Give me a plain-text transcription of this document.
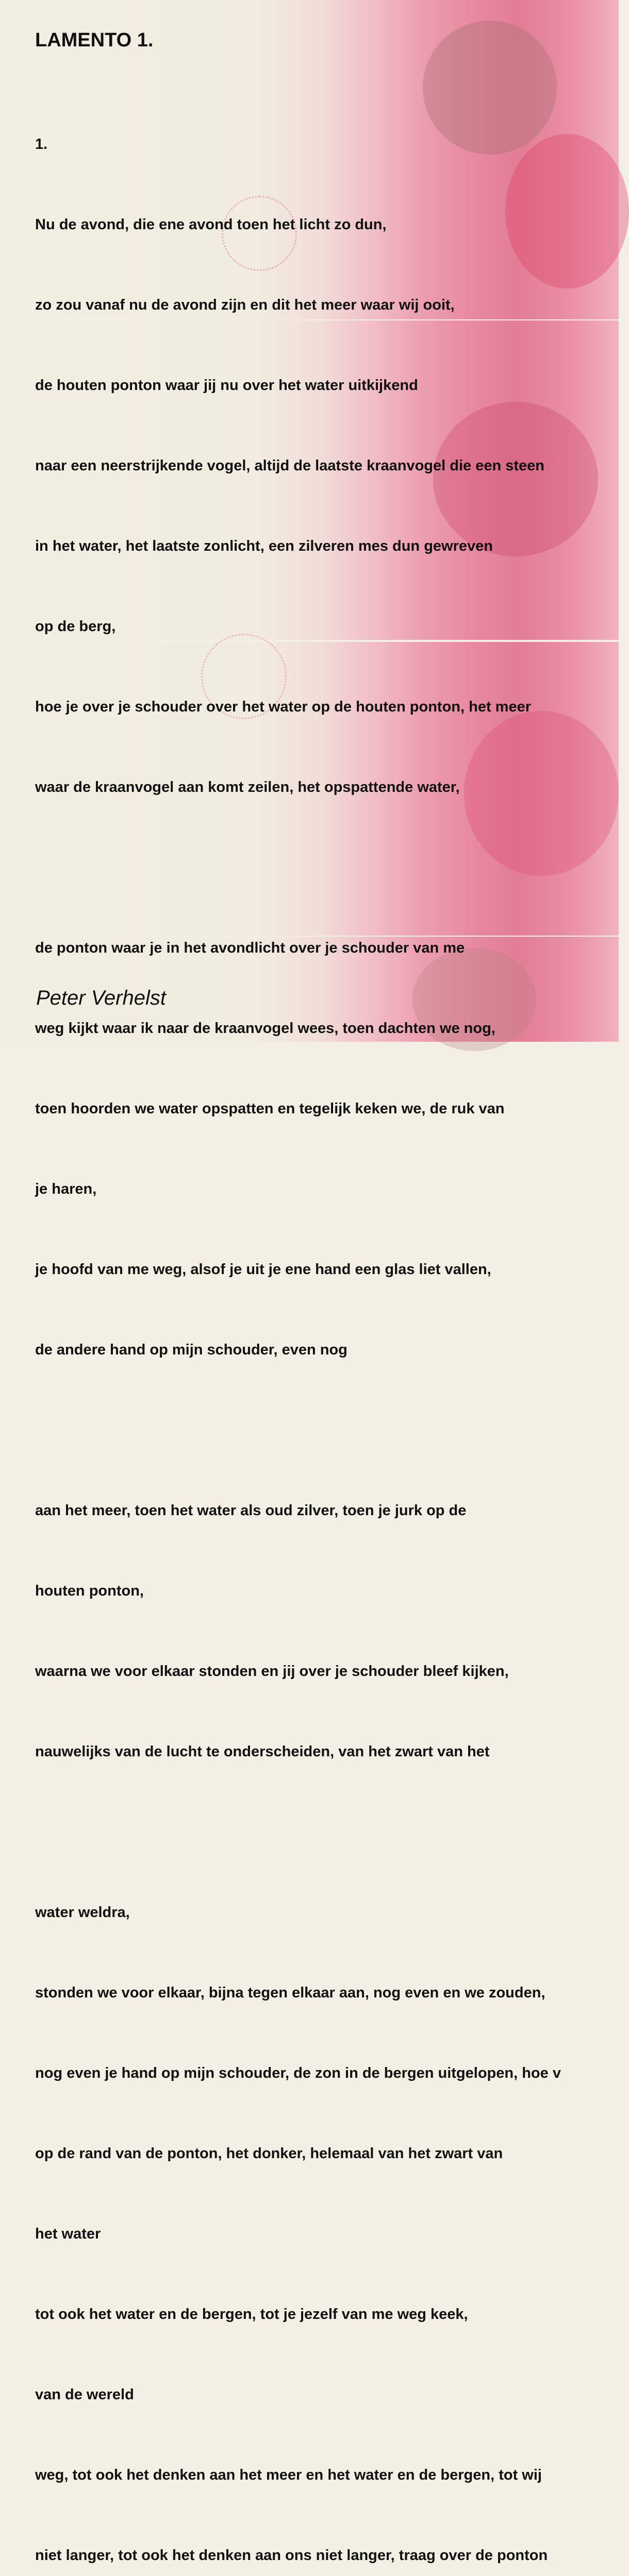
LAMENTO 1.

1.

Nu de avond, die ene avond toen het licht zo dun,

zo zou vanaf nu de avond zijn en dit het meer waar wij ooit,

de houten ponton waar jij nu over het water uitkijkend

naar een neerstrijkende vogel, altijd de laatste kraanvogel die een steen

in het water, het laatste zonlicht, een zilveren mes dun gewreven

op de berg,

hoe je over je schouder over het water op de houten ponton, het meer

waar de kraanvogel aan komt zeilen, het opspattende water,

de ponton waar je in het avondlicht over je schouder van me

weg kijkt waar ik naar de kraanvogel wees, toen dachten we nog,

toen hoorden we water opspatten en tegelijk keken we, de ruk van

je haren,

je hoofd van me weg, alsof je uit je ene hand een glas liet vallen,

de andere hand op mijn schouder, even nog

aan het meer, toen het water als oud zilver, toen je jurk op de

houten ponton,

waarna we voor elkaar stonden en jij over je schouder bleef kijken,

nauwelijks van de lucht te onderscheiden, van het zwart van het

water weldra,

stonden we voor elkaar, bijna tegen elkaar aan, nog even en we zouden,

nog even je hand op mijn schouder, de zon in de bergen uitgelopen, hoe v

op de rand van de ponton, het donker, helemaal van het zwart van

het water

tot ook het water en de bergen, tot je jezelf van me weg keek,

van de wereld

weg, tot ook het denken aan het meer en het water en de bergen, tot wij

niet langer, tot ook het denken aan ons niet langer, traag over de ponton

Peter Verhelst
